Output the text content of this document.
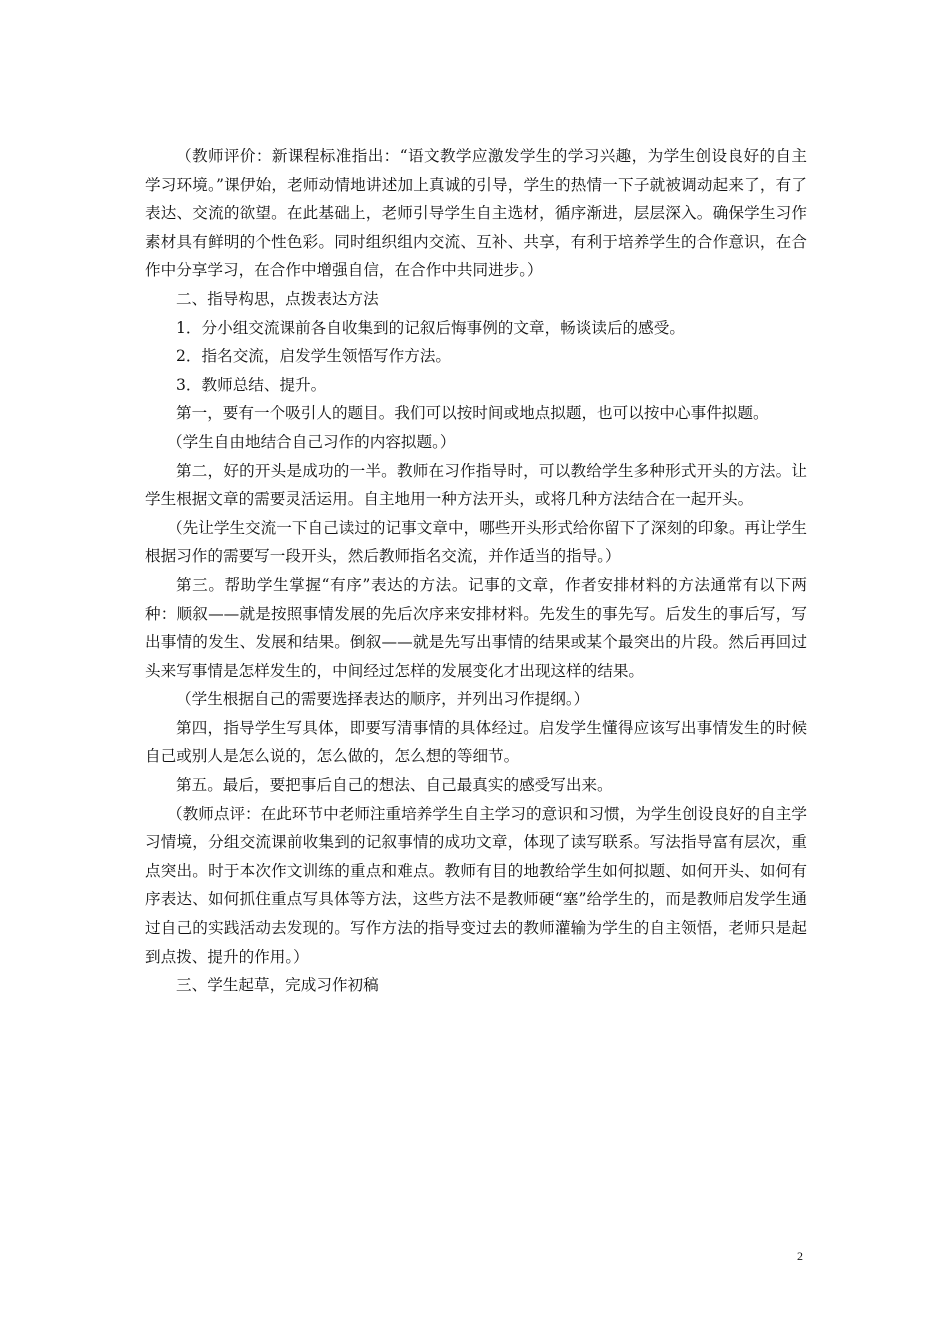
（教师评价：新课程标准指出：“语文教学应激发学生的学习兴趣，为学生创设良好的自主学习环境。”课伊始，老师动情地讲述加上真诚的引导，学生的热情一下子就被调动起来了，有了表达、交流的欲望。在此基础上，老师引导学生自主选材，循序渐进，层层深入。确保学生习作素材具有鲜明的个性色彩。同时组织组内交流、互补、共享，有利于培养学生的合作意识，在合作中分享学习，在合作中增强自信，在合作中共同进步。）

二、指导构思，点拨表达方法

1．分小组交流课前各自收集到的记叙后悔事例的文章，畅谈读后的感受。

2．指名交流，启发学生领悟写作方法。

3．教师总结、提升。

第一，要有一个吸引人的题目。我们可以按时间或地点拟题，也可以按中心事件拟题。

（学生自由地结合自己习作的内容拟题。）

第二，好的开头是成功的一半。教师在习作指导时，可以教给学生多种形式开头的方法。让学生根据文章的需要灵活运用。自主地用一种方法开头，或将几种方法结合在一起开头。

（先让学生交流一下自己读过的记事文章中，哪些开头形式给你留下了深刻的印象。再让学生根据习作的需要写一段开头，然后教师指名交流，并作适当的指导。）

第三。帮助学生掌握“有序”表达的方法。记事的文章，作者安排材料的方法通常有以下两种：顺叙——就是按照事情发展的先后次序来安排材料。先发生的事先写。后发生的事后写，写出事情的发生、发展和结果。倒叙——就是先写出事情的结果或某个最突出的片段。然后再回过头来写事情是怎样发生的，中间经过怎样的发展变化才出现这样的结果。

（学生根据自己的需要选择表达的顺序，并列出习作提纲。）

第四，指导学生写具体，即要写清事情的具体经过。启发学生懂得应该写出事情发生的时候自己或别人是怎么说的，怎么做的，怎么想的等细节。

第五。最后，要把事后自己的想法、自己最真实的感受写出来。

（教师点评：在此环节中老师注重培养学生自主学习的意识和习惯，为学生创设良好的自主学习情境，分组交流课前收集到的记叙事情的成功文章，体现了读写联系。写法指导富有层次，重点突出。时于本次作文训练的重点和难点。教师有目的地教给学生如何拟题、如何开头、如何有序表达、如何抓住重点写具体等方法，这些方法不是教师硬“塞”给学生的，而是教师启发学生通过自己的实践活动去发现的。写作方法的指导变过去的教师灌输为学生的自主领悟，老师只是起到点拨、提升的作用。）

三、学生起草，完成习作初稿

2
